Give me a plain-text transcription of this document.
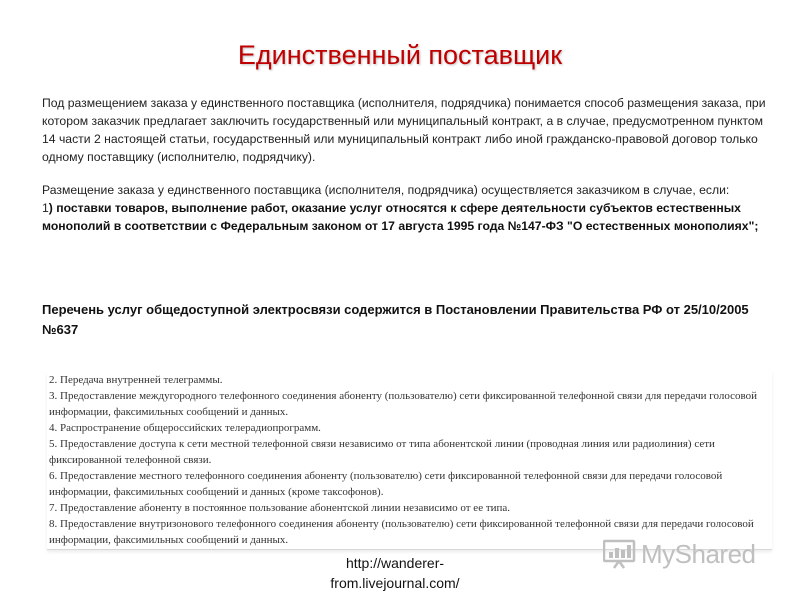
Единственный поставщик

Под размещением заказа у единственного поставщика (исполнителя, подрядчика) понимается способ размещения заказа, при котором заказчик предлагает заключить государственный или муниципальный контракт, а в случае, предусмотренном пунктом 14 части 2 настоящей статьи, государственный или муниципальный контракт либо иной гражданско-правовой договор только одному поставщику (исполнителю, подрядчику).

Размещение заказа у единственного поставщика (исполнителя, подрядчика) осуществляется заказчиком в случае, если:
1) поставки товаров, выполнение работ, оказание услуг относятся к сфере деятельности субъектов естественных монополий в соответствии с Федеральным законом от 17 августа 1995 года №147-ФЗ "О естественных монополиях";

Перечень услуг общедоступной электросвязи содержится в Постановлении Правительства РФ от 25/10/2005 №637

2. Передача внутренней телеграммы.

3. Предоставление междугородного телефонного соединения абоненту (пользователю) сети фиксированной телефонной связи для передачи голосовой информации, факсимильных сообщений и данных.

4. Распространение общероссийских телерадиопрограмм.

5. Предоставление доступа к сети местной телефонной связи независимо от типа абонентской линии (проводная линия или радиолиния) сети фиксированной телефонной связи.

6. Предоставление местного телефонного соединения абоненту (пользователю) сети фиксированной телефонной связи для передачи голосовой информации, факсимильных сообщений и данных (кроме таксофонов).

7. Предоставление абоненту в постоянное пользование абонентской линии независимо от ее типа.

8. Предоставление внутризонового телефонного соединения абоненту (пользователю) сети фиксированной телефонной связи для передачи голосовой информации, факсимильных сообщений и данных.

http://wanderer-from.livejournal.com/
MyShared
